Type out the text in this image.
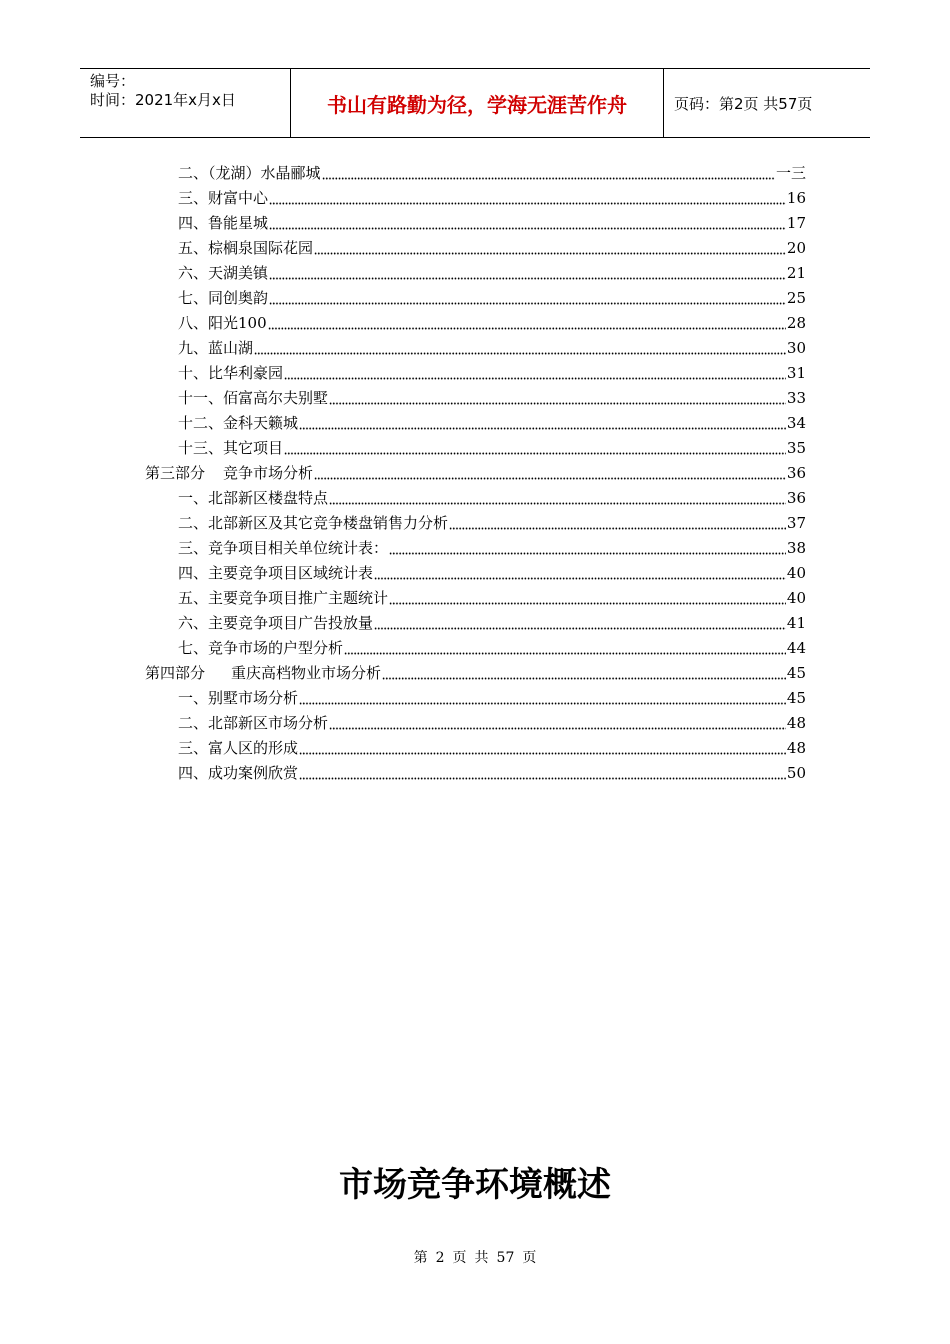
编号：
时间：2021年x月x日	书山有路勤为径，学海无涯苦作舟	页码：第2页 共57页
二、（龙湖）水晶郦城	一三
三、财富中心	16
四、鲁能星城	17
五、棕榈泉国际花园	20
六、天湖美镇	21
七、同创奥韵	25
八、阳光100	28
九、蓝山湖	30
十、比华利豪园	31
十一、佰富高尔夫别墅	33
十二、金科天籁城	34
十三、其它项目	35
第三部分 竞争市场分析	36
一、北部新区楼盘特点	36
二、北部新区及其它竞争楼盘销售力分析	37
三、竞争项目相关单位统计表：	38
四、主要竞争项目区域统计表	40
五、主要竞争项目推广主题统计	40
六、主要竞争项目广告投放量	41
七、竞争市场的户型分析	44
第四部分 重庆高档物业市场分析	45
一、别墅市场分析	45
二、北部新区市场分析	48
三、富人区的形成	48
四、成功案例欣赏	50
市场竞争环境概述
第 2 页 共 57 页
